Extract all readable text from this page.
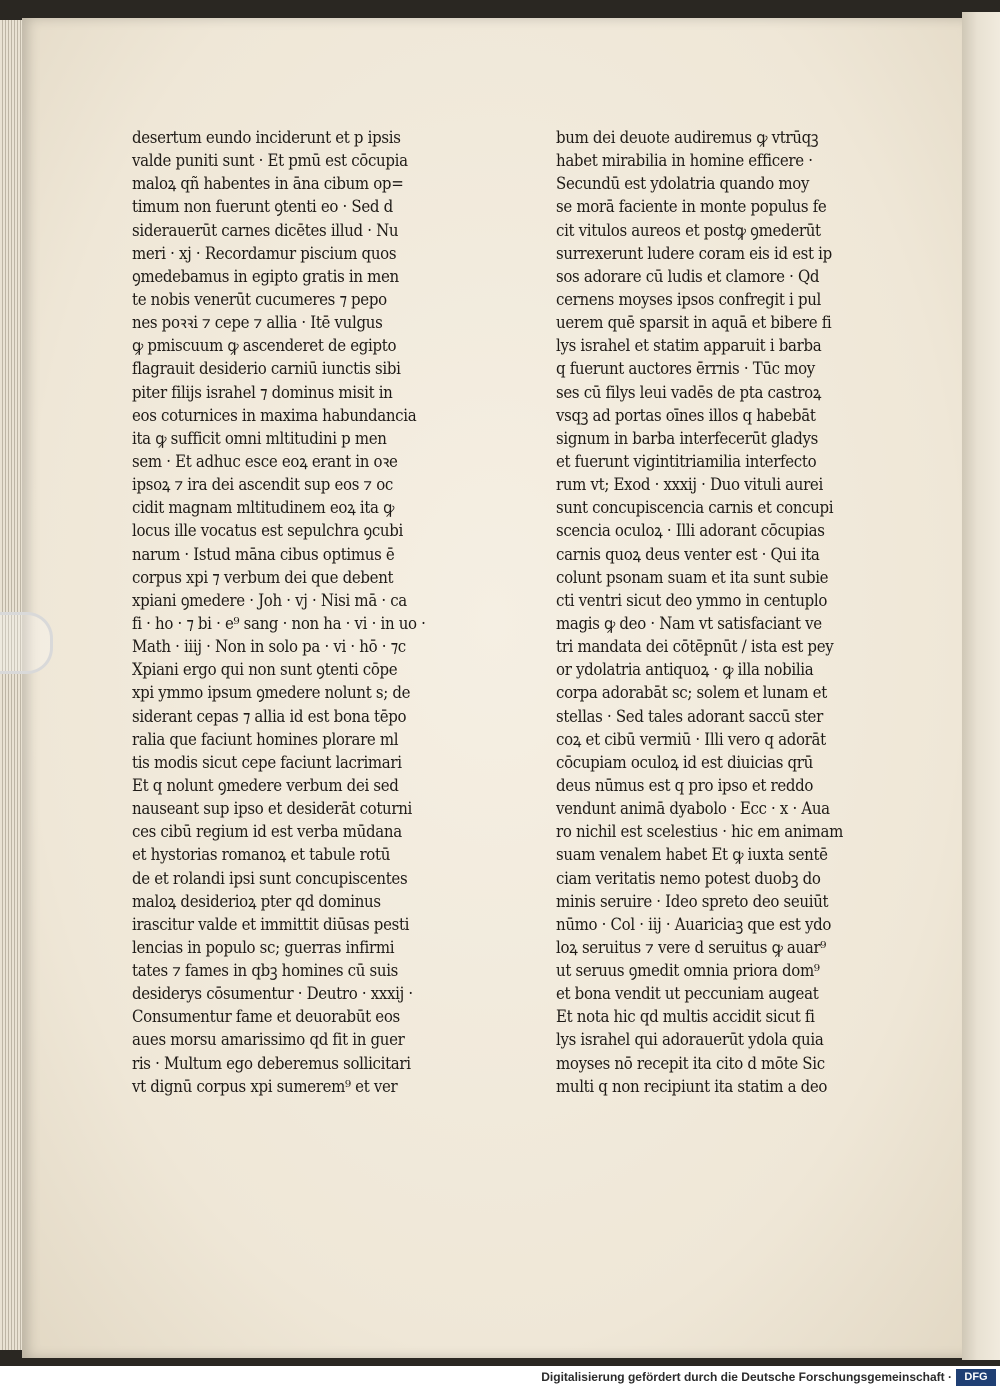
desertum eundo inciderunt et p ipsis
valde puniti sunt · Et pmū est cōcupia
maloꝝ qñ habentes in āna cibum op=
timum non fuerunt ꝯtenti eo · Sed d
siderauerūt carnes dicētes illud · Nu
meri · xj · Recordamur piscium quos
ꝯmedebamus in egipto gratis in men
te nobis venerūt cucumeres ⁊ pepo
nes poꝛꝛi ⁊ cepe ⁊ allia · Itē vulgus
ꝙ pmiscuum ꝙ ascenderet de egipto
flagrauit desiderio carniū iunctis sibi
piter filijs israhel ⁊ dominus misit in
eos coturnices in maxima habundancia
ita ꝙ sufficit omni mltitudini p men
sem · Et adhuc esce eoꝝ erant in oꝛe
ipsoꝝ ⁊ ira dei ascendit sup eos ⁊ oc
cidit magnam mltitudinem eoꝝ ita ꝙ
locus ille vocatus est sepulchra ꝯcubi
narum · Istud māna cibus optimus ē
corpus xpi ⁊ verbum dei que debent
xpiani ꝯmedere · Joh · vj · Nisi mā · ca
fi · ho · ⁊ bi · e⁹ sang · non ha · vi · in uo ·
Math · iiij · Non in solo pa · vi · hō · ⁊c
Xpiani ergo qui non sunt ꝯtenti cōpe
xpi ymmo ipsum ꝯmedere nolunt s; de
siderant cepas ⁊ allia id est bona tēpo
ralia que faciunt homines plorare ml
tis modis sicut cepe faciunt lacrimari
Et q nolunt ꝯmedere verbum dei sed
nauseant sup ipso et desiderāt coturni
ces cibū regium id est verba mūdana
et hystorias romanoꝝ et tabule rotū
de et rolandi ipsi sunt concupiscentes
maloꝝ desiderioꝝ pter qd dominus
irascitur valde et immittit diūsas pesti
lencias in populo sc; guerras infirmi
tates ⁊ fames in qbꝫ homines cū suis
desiderys cōsumentur · Deutro · xxxij ·
Consumentur fame et deuorabūt eos
aues morsu amarissimo qd fit in guer
ris · Multum ego deberemus sollicitari
vt dignū corpus xpi sumerem⁹ et ver
bum dei deuote audiremus ꝙ vtrūqꝫ
habet mirabilia in homine efficere ·
Secundū est ydolatria quando moy
se morā faciente in monte populus fe
cit vitulos aureos et postꝙ ꝯmederūt
surrexerunt ludere coram eis id est ip
sos adorare cū ludis et clamore · Qd
cernens moyses ipsos confregit i pul
uerem quē sparsit in aquā et bibere fi
lys israhel et statim apparuit i barba
q fuerunt auctores ērrnis · Tūc moy
ses cū filys leui vadēs de pta castroꝝ
vsqꝫ ad portas oīnes illos q habebāt
signum in barba interfecerūt gladys
et fuerunt vigintitriamilia interfecto
rum vt; Exod · xxxij · Duo vituli aurei
sunt concupiscencia carnis et concupi
scencia oculoꝝ · Illi adorant cōcupias
carnis quoꝝ deus venter est · Qui ita
colunt psonam suam et ita sunt subie
cti ventri sicut deo ymmo in centuplo
magis ꝙ deo · Nam vt satisfaciant ve
tri mandata dei cōtēpnūt / ista est pey
or ydolatria antiquoꝝ · ꝙ illa nobilia
corpa adorabāt sc; solem et lunam et
stellas · Sed tales adorant saccū ster
coꝝ et cibū vermiū · Illi vero q adorāt
cōcupiam oculoꝝ id est diuicias qrū
deus nūmus est q pro ipso et reddo
vendunt animā dyabolo · Ecc · x · Aua
ro nichil est scelestius · hic em animam
suam venalem habet Et ꝙ iuxta sentē
ciam veritatis nemo potest duobꝫ do
minis seruire · Ideo spreto deo seuiūt
nūmo · Col · iij · Auariciaꝫ que est ydo
loꝝ seruitus ⁊ vere d seruitus ꝙ auar⁹
ut seruus ꝯmedit omnia priora dom⁹
et bona vendit ut peccuniam augeat
Et nota hic qd multis accidit sicut fi
lys israhel qui adorauerūt ydola quia
moyses nō recepit ita cito d mōte Sic
multi q non recipiunt ita statim a deo
Digitalisierung gefördert durch die Deutsche Forschungsgemeinschaft ·	DFG
